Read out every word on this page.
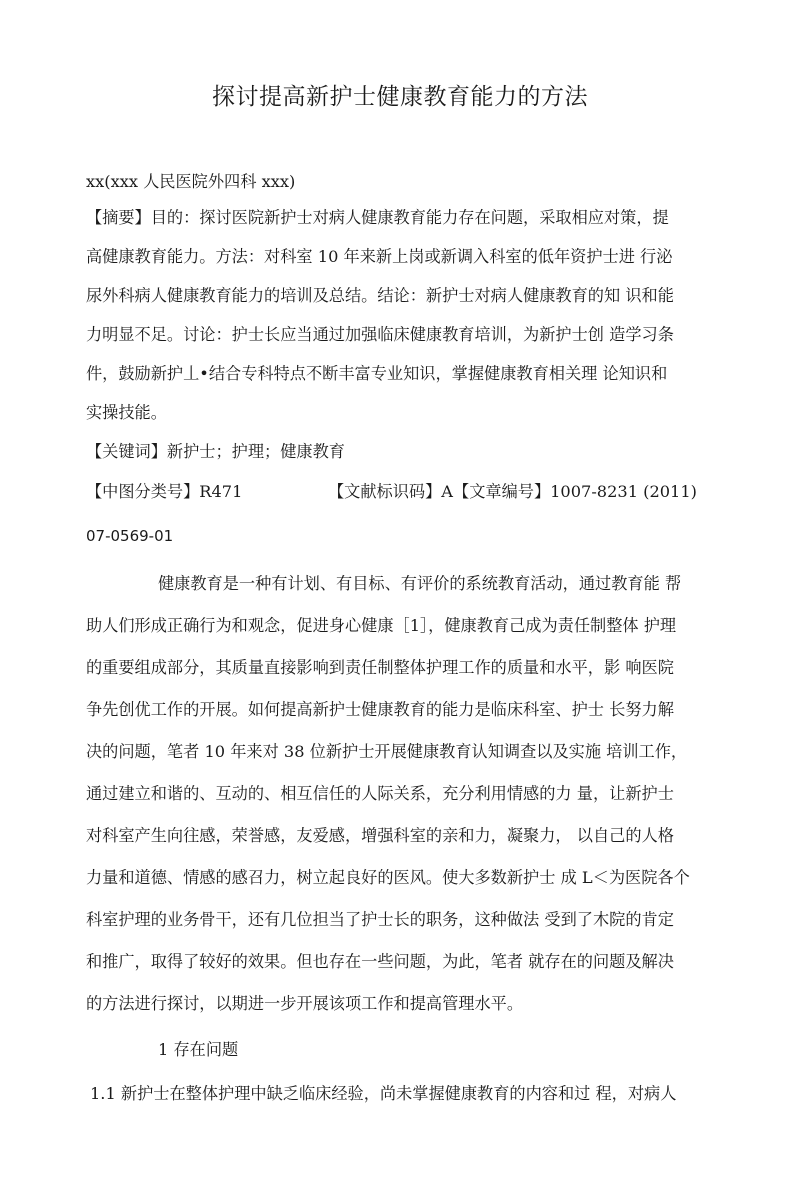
探讨提高新护士健康教育能力的方法
xx(xxx 人民医院外四科 xxx)
【摘要】目的：探讨医院新护士对病人健康教育能力存在问题，采取相应对策，提
高健康教育能力。方法：对科室 10 年来新上岗或新调入科室的低年资护士进 行泌
尿外科病人健康教育能力的培训及总结。结论：新护士对病人健康教育的知 识和能
力明显不足。讨论：护士长应当通过加强临床健康教育培训，为新护士创 造学习条
件，鼓励新护丄•结合专科特点不断丰富专业知识，掌握健康教育相关理 论知识和
实操技能。
【关键词】新护士；护理；健康教育
【中图分类号】R471	【文献标识码】A【文章编号】1007-8231 (2011)
07-0569-01
健康教育是一种有计划、有目标、有评价的系统教育活动，通过教育能 帮
助人们形成正确行为和观念，促进身心健康［1］，健康教育己成为责任制整体 护理
的重要组成部分，其质量直接影响到责任制整体护理工作的质量和水平，影 响医院
争先创优工作的开展。如何提高新护士健康教育的能力是临床科室、护士 长努力解
决的问题，笔者 10 年来对 38 位新护士开展健康教育认知调查以及实施 培训工作，
通过建立和谐的、互动的、相互信任的人际关系，充分利用情感的力 量，让新护士
对科室产生向往感，荣誉感，友爱感，增强科室的亲和力，凝聚力， 以自己的人格
力量和道德、情感的感召力，树立起良好的医风。使大多数新护士 成 L＜为医院各个
科室护理的业务骨干，还有几位担当了护士长的职务，这种做法 受到了木院的肯定
和推广，取得了较好的效果。但也存在一些问题，为此，笔者 就存在的问题及解决
的方法进行探讨，以期进一步开展该项工作和提高管理水平。
1 存在问题
1.1 新护士在整体护理中缺乏临床经验，尚未掌握健康教育的内容和过 程，对病人
